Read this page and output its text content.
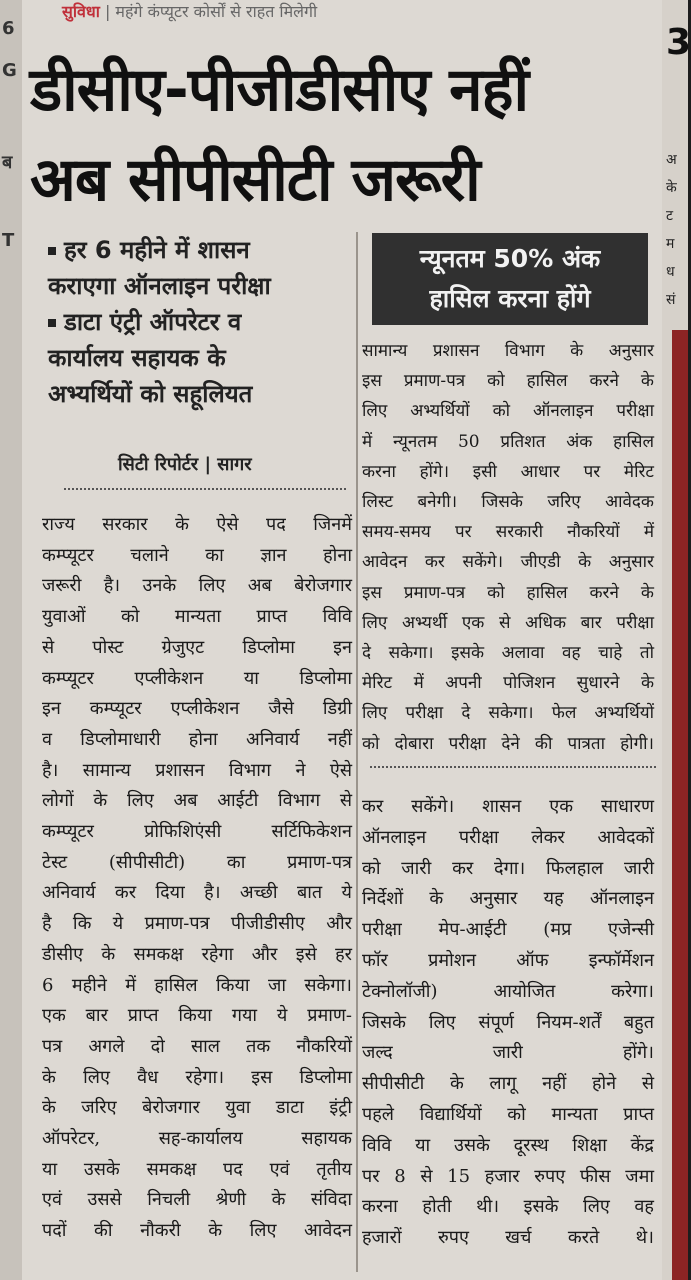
6
G
ब
T
सुविधा | महंगे कंप्यूटर कोर्सों से राहत मिलेगी
डीसीए-पीजीडीसीए नहीं
अब सीपीसीटी जरूरी
हर 6 महीने में शासन
कराएगा ऑनलाइन परीक्षा
डाटा एंट्री ऑपरेटर व
कार्यालय सहायक के
अभ्यर्थियों को सहूलियत
सिटी रिपोर्टर | सागर
न्यूनतम 50% अंक
हासिल करना होंगे

राज्य सरकार के ऐसे पद जिनमें
कम्प्यूटर चलाने का ज्ञान होना
जरूरी है। उनके लिए अब बेरोजगार
युवाओं को मान्यता प्राप्त विवि
से पोस्ट ग्रेजुएट डिप्लोमा इन
कम्प्यूटर एप्लीकेशन या डिप्लोमा
इन कम्प्यूटर एप्लीकेशन जैसे डिग्री
व डिप्लोमाधारी होना अनिवार्य नहीं
है। सामान्य प्रशासन विभाग ने ऐसे
लोगों के लिए अब आईटी विभाग से
कम्प्यूटर प्रोफिशिएंसी सर्टिफिकेशन
टेस्ट (सीपीसीटी) का प्रमाण-पत्र
अनिवार्य कर दिया है। अच्छी बात ये
है कि ये प्रमाण-पत्र पीजीडीसीए और
डीसीए के समकक्ष रहेगा और इसे हर
6 महीने में हासिल किया जा सकेगा।
एक बार प्राप्त किया गया ये प्रमाण-
पत्र अगले दो साल तक नौकरियों
के लिए वैध रहेगा। इस डिप्लोमा
के जरिए बेरोजगार युवा डाटा इंट्री
ऑपरेटर, सह-कार्यालय सहायक
या उसके समकक्ष पद एवं तृतीय
एवं उससे निचली श्रेणी के संविदा
पदों की नौकरी के लिए आवेदन

सामान्य प्रशासन विभाग के अनुसार
इस प्रमाण-पत्र को हासिल करने के
लिए अभ्यर्थियों को ऑनलाइन परीक्षा
में न्यूनतम 50 प्रतिशत अंक हासिल
करना होंगे। इसी आधार पर मेरिट
लिस्ट बनेगी। जिसके जरिए आवेदक
समय-समय पर सरकारी नौकरियों में
आवेदन कर सकेंगे। जीएडी के अनुसार
इस प्रमाण-पत्र को हासिल करने के
लिए अभ्यर्थी एक से अधिक बार परीक्षा
दे सकेगा। इसके अलावा वह चाहे तो
मेरिट में अपनी पोजिशन सुधारने के
लिए परीक्षा दे सकेगा। फेल अभ्यर्थियों
को दोबारा परीक्षा देने की पात्रता होगी।

कर सकेंगे। शासन एक साधारण
ऑनलाइन परीक्षा लेकर आवेदकों
को जारी कर देगा। फिलहाल जारी
निर्देशों के अनुसार यह ऑनलाइन
परीक्षा मेप-आईटी (मप्र एजेन्सी
फॉर प्रमोशन ऑफ इन्फॉर्मेशन
टेक्नोलॉजी) आयोजित करेगा।
जिसके लिए संपूर्ण नियम-शर्तें बहुत
जल्द जारी होंगे।
सीपीसीटी के लागू नहीं होने से
पहले विद्यार्थियों को मान्यता प्राप्त
विवि या उसके दूरस्थ शिक्षा केंद्र
पर 8 से 15 हजार रुपए फीस जमा
करना होती थी। इसके लिए वह
हजारों रुपए खर्च करते थे।

3
अ
के
ट
म
ध
सं
